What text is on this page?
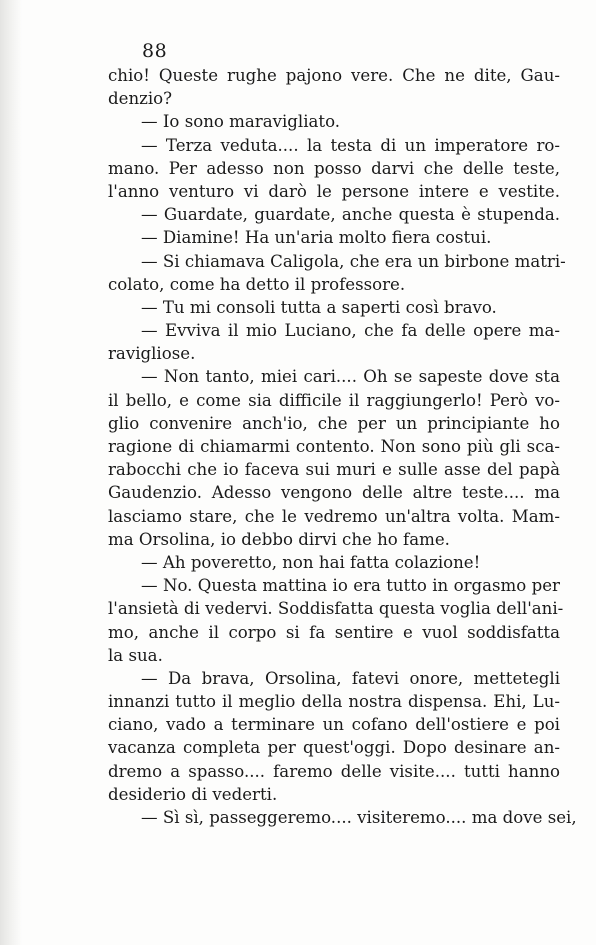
88
chio! Queste rughe pajono vere. Che ne dite, Gau-
denzio?
— Io sono maravigliato.
— Terza veduta.... la testa di un imperatore ro-
mano. Per adesso non posso darvi che delle teste,
l'anno venturo vi darò le persone intere e vestite.
— Guardate, guardate, anche questa è stupenda.
— Diamine! Ha un'aria molto fiera costui.
— Si chiamava Caligola, che era un birbone matri-
colato, come ha detto il professore.
— Tu mi consoli tutta a saperti così bravo.
— Evviva il mio Luciano, che fa delle opere ma-
ravigliose.
— Non tanto, miei cari.... Oh se sapeste dove sta
il bello, e come sia difficile il raggiungerlo! Però vo-
glio convenire anch'io, che per un principiante ho
ragione di chiamarmi contento. Non sono più gli sca-
rabocchi che io faceva sui muri e sulle asse del papà
Gaudenzio. Adesso vengono delle altre teste.... ma
lasciamo stare, che le vedremo un'altra volta. Mam-
ma Orsolina, io debbo dirvi che ho fame.
— Ah poveretto, non hai fatta colazione!
— No. Questa mattina io era tutto in orgasmo per
l'ansietà di vedervi. Soddisfatta questa voglia dell'ani-
mo, anche il corpo si fa sentire e vuol soddisfatta
la sua.
— Da brava, Orsolina, fatevi onore, mettetegli
innanzi tutto il meglio della nostra dispensa. Ehi, Lu-
ciano, vado a terminare un cofano dell'ostiere e poi
vacanza completa per quest'oggi. Dopo desinare an-
dremo a spasso.... faremo delle visite.... tutti hanno
desiderio di vederti.
— Sì sì, passeggeremo.... visiteremo.... ma dove sei,
